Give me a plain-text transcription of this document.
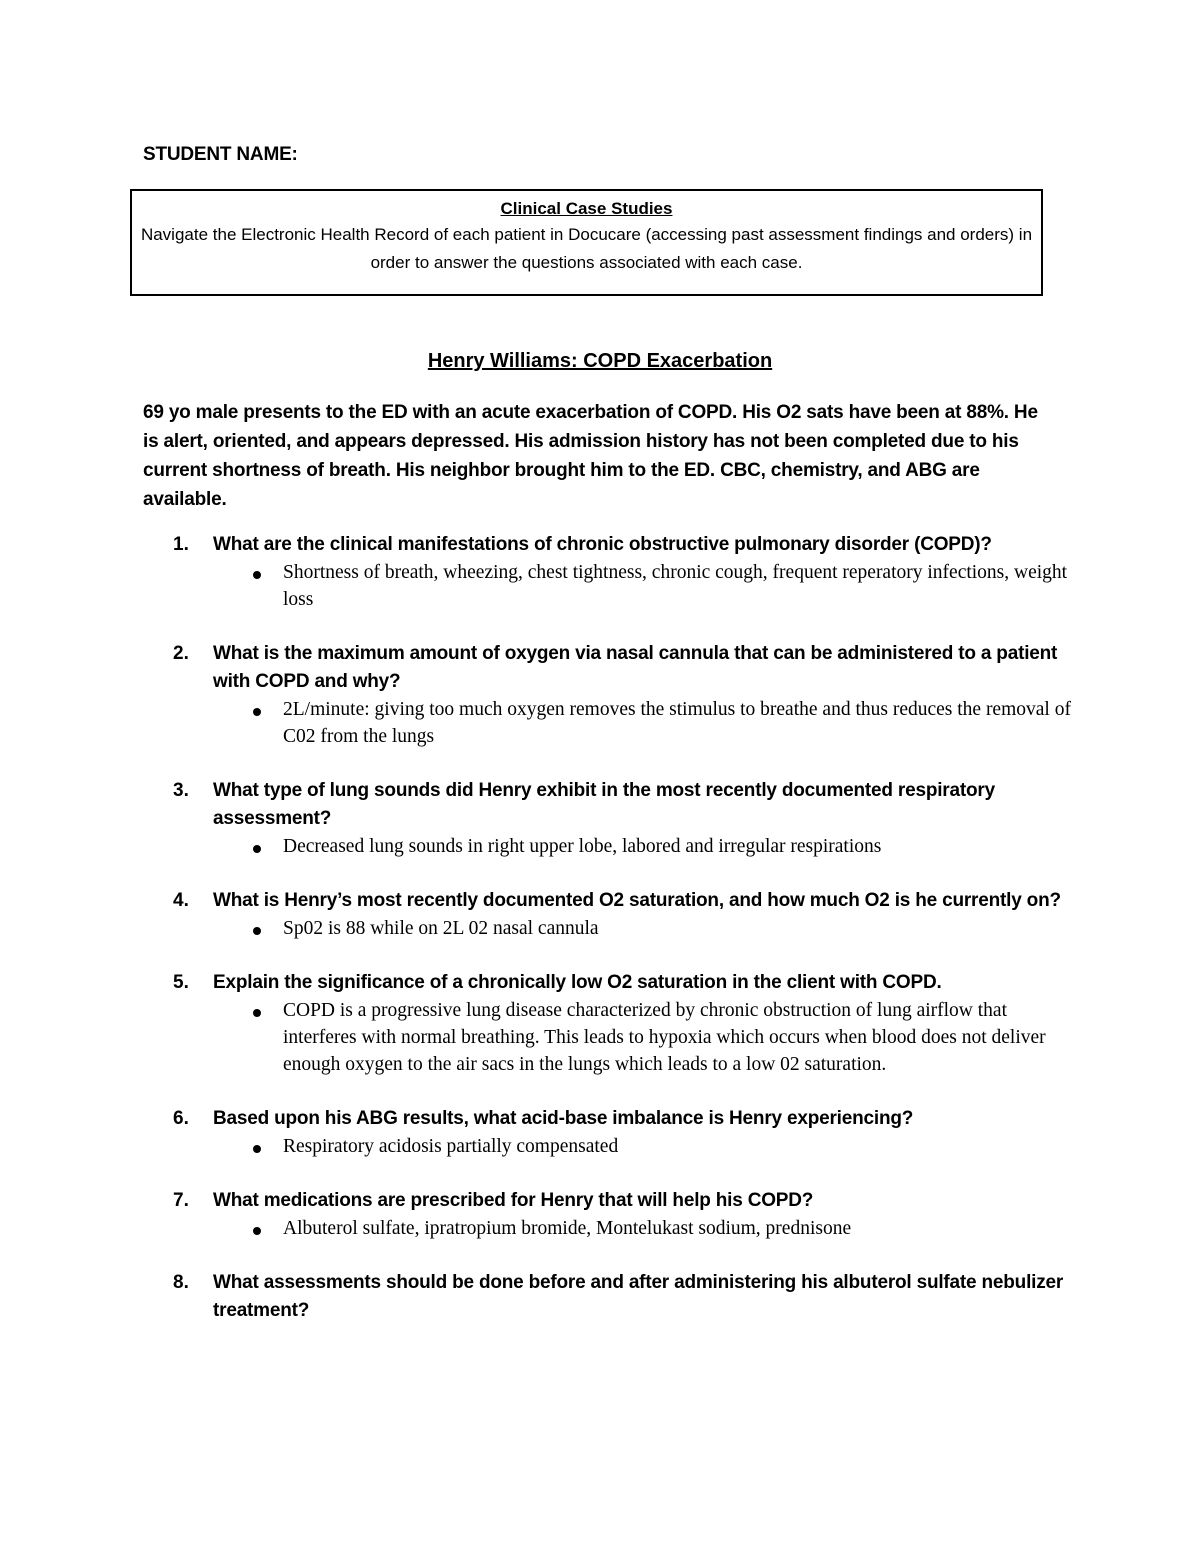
STUDENT NAME:
Clinical Case Studies
Navigate the Electronic Health Record of each patient in Docucare (accessing past assessment findings and orders) in order to answer the questions associated with each case.
Henry Williams: COPD Exacerbation
69 yo male presents to the ED with an acute exacerbation of COPD. His O2 sats have been at 88%. He is alert, oriented, and appears depressed. His admission history has not been completed due to his current shortness of breath. His neighbor brought him to the ED. CBC, chemistry, and ABG are available.
1. What are the clinical manifestations of chronic obstructive pulmonary disorder (COPD)?
Shortness of breath, wheezing, chest tightness, chronic cough, frequent reperatory infections, weight loss
2. What is the maximum amount of oxygen via nasal cannula that can be administered to a patient with COPD and why?
2L/minute: giving too much oxygen removes the stimulus to breathe and thus reduces the removal of C02 from the lungs
3. What type of lung sounds did Henry exhibit in the most recently documented respiratory assessment?
Decreased lung sounds in right upper lobe, labored and irregular respirations
4. What is Henry’s most recently documented O2 saturation, and how much O2 is he currently on?
Sp02 is 88 while on 2L 02 nasal cannula
5. Explain the significance of a chronically low O2 saturation in the client with COPD.
COPD is a progressive lung disease characterized by chronic obstruction of lung airflow that interferes with normal breathing. This leads to hypoxia which occurs when blood does not deliver enough oxygen to the air sacs in the lungs which leads to a low 02 saturation.
6. Based upon his ABG results, what acid-base imbalance is Henry experiencing?
Respiratory acidosis partially compensated
7. What medications are prescribed for Henry that will help his COPD?
Albuterol sulfate, ipratropium bromide, Montelukast sodium, prednisone
8. What assessments should be done before and after administering his albuterol sulfate nebulizer treatment?
